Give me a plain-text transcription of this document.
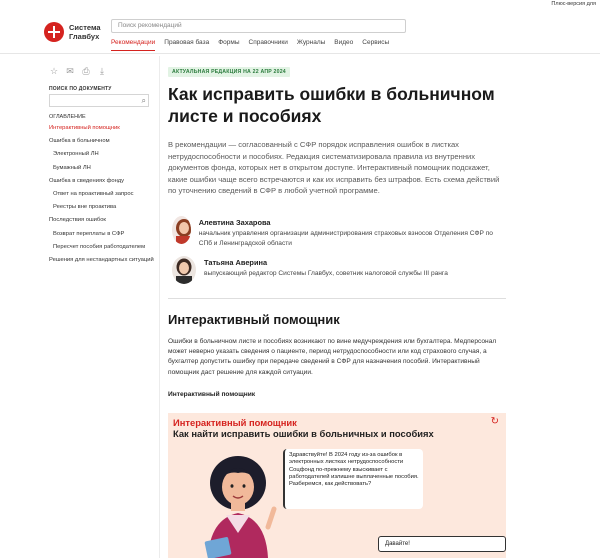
Плюс-версия для
Система
Главбух
Поиск рекомендаций
Рекомендации Правовая база Формы Справочники Журналы Видео Сервисы
☆ ✉ ⎙	⤓
ПОИСК ПО ДОКУМЕНТУ
⌕
ОГЛАВЛЕНИЕ
Интерактивный помощник
Ошибка в больничном
Электронный ЛН
Бумажный ЛН
Ошибка в сведениях фонду
Ответ на проактивный запрос
Реестры вне проактива
Последствия ошибок
Возврат переплаты в СФР
Пересчет пособия работодателем
Решения для нестандартных ситуаций
АКТУАЛЬНАЯ РЕДАКЦИЯ НА 22 АПР 2024
Как исправить ошибки в больничном листе и пособиях
В рекомендации — согласованный с СФР порядок исправления ошибок в листках нетрудоспособности и пособиях. Редакция систематизировала правила из внутренних документов фонда, которых нет в открытом доступе. Интерактивный помощник подскажет, какие ошибки чаще всего встречаются и как их исправить без штрафов. Есть схема действий по уточнению сведений в СФР в любой учетной программе.
Алевтина Захарова
начальник управления организации администрирования страховых взносов Отделения СФР по СПб и Ленинградской области
Татьяна Аверина
выпускающий редактор Системы Главбух, советник налоговой службы III ранга
Интерактивный помощник
Ошибки в больничном листе и пособиях возникают по вине медучреждения или бухгалтера. Медперсонал может неверно указать сведения о пациенте, период нетрудоспособности или код страхового случая, а бухгалтер допустить ошибку при передаче сведений в СФР для назначения пособий. Интерактивный помощник даст решение для каждой ситуации.
Интерактивный помощник
Интерактивный помощник
Как найти исправить ошибки в больничных и пособиях
↻
Здравствуйте! В 2024 году из-за ошибок в электронных листках нетрудоспособности Соцфонд по-прежнему взыскивает с работодателей излишне выплаченные пособия. Разберемся, как действовать?
Давайте!
